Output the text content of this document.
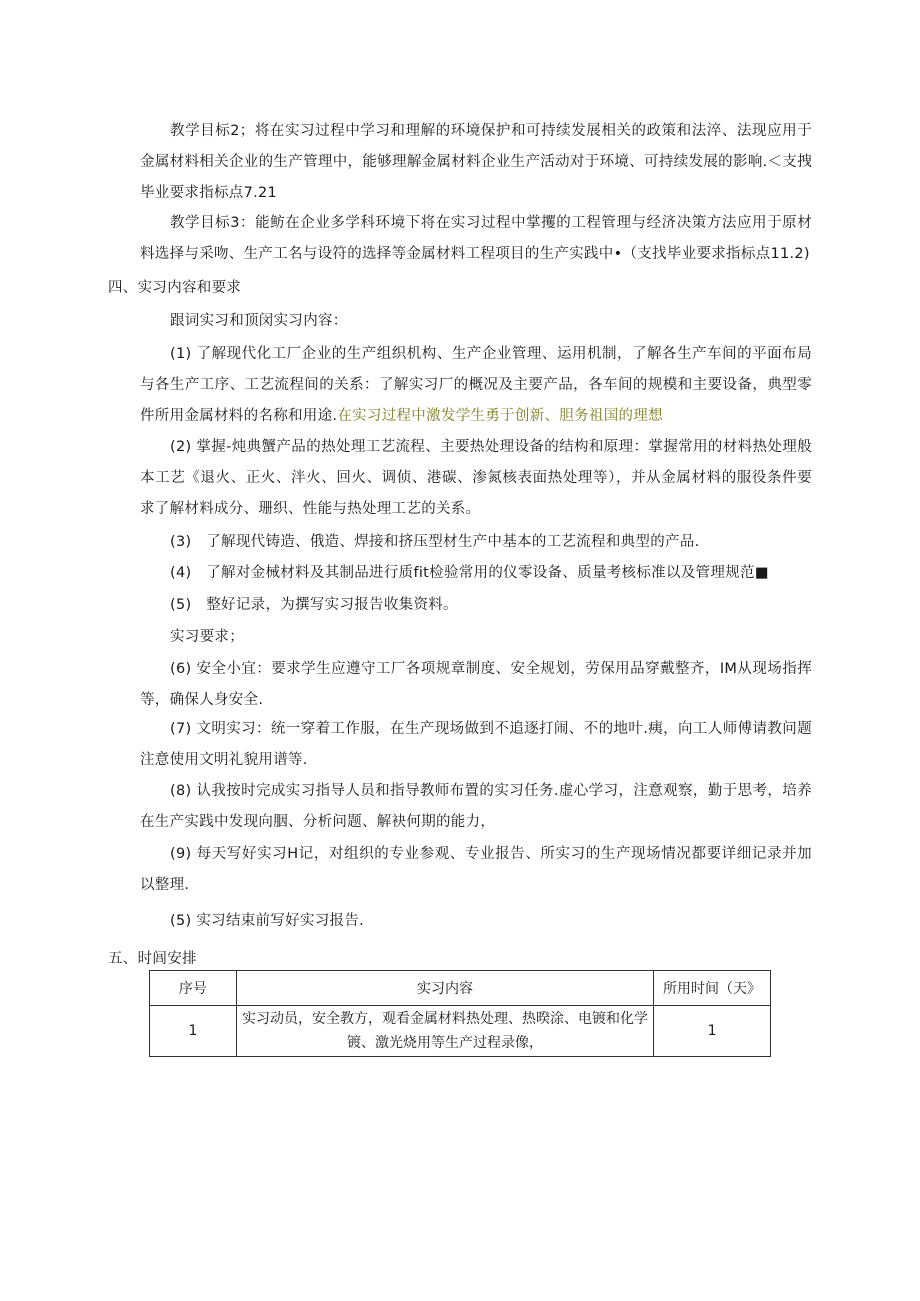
教学目标2；将在实习过程中学习和理解的环境保护和可持续发展相关的政策和法淬、法现应用于金属材料相关企业的生产管理中，能够理解金属材料企业生产活动对于环境、可持续发展的影响.＜支拽毕业要求指标点7.21

教学目标3：能鲂在企业多学科环境下将在实习过程中掌攫的工程管理与经济决策方法应用于原材料选择与采吻、生产工名与设符的选择等金属材料工程项目的生产实践中•（支找毕业要求指标点11.2)

四、实习内容和要求

跟词实习和顶闵实习内容：

(1) 了解现代化工厂企业的生产组织机构、生产企业管理、运用机制，了解各生产车间的平面布局与各生产工序、工艺流程间的关系：了解实习厂的概况及主要产品，各车间的规模和主要设备，典型零件所用金属材料的名称和用途.在实习过程中激发学生勇于创新、胆务祖国的理想

(2) 掌握-炖典蟹产品的热处理工艺流程、主要热处理设备的结构和原理：掌握常用的材料热处理般本工艺《退火、正火、泮火、回火、调侦、港碳、渗氮核表面热处理等），并从金属材料的服役条件要求了解材料成分、珊织、性能与热处理工艺的关系。

(3)　了解现代铸造、俄造、焊接和挤压型材生产中基本的工艺流程和典型的产品.

(4)　了解对金械材料及其制品进行质fit检验常用的仪零设备、质量考核标准以及管理规范■

(5)　整好记录，为撰写实习报告收集资料。

实习要求；

(6) 安全小宜：要求学生应遵守工厂各项规章制度、安全规划，劳保用品穿戴整齐，IM从现场指挥等，确保人身安全.

(7) 文明实习：统一穿着工作服，在生产现场做到不追逐打闹、不的地叶.痍，向工人师傅请教问题注意使用文明礼貌用谱等.

(8) 认我按时完成实习指导人员和指导教师布置的实习任务.虚心学习，注意观察，勤于思考，培养在生产实践中发现向胭、分析问题、解袂何期的能力，

(9) 每天写好实习H记，对组织的专业参观、专业报告、所实习的生产现场情况都要详细记录并加以整理.

(5) 实习结束前写好实习报告.

五、时闾安排

序号	实习内容	所用时间（天》
1	实习动员，安全教方，观看金属材料热处理、热暌涂、电镀和化学镀、激光烧用等生产过程录像，	1
